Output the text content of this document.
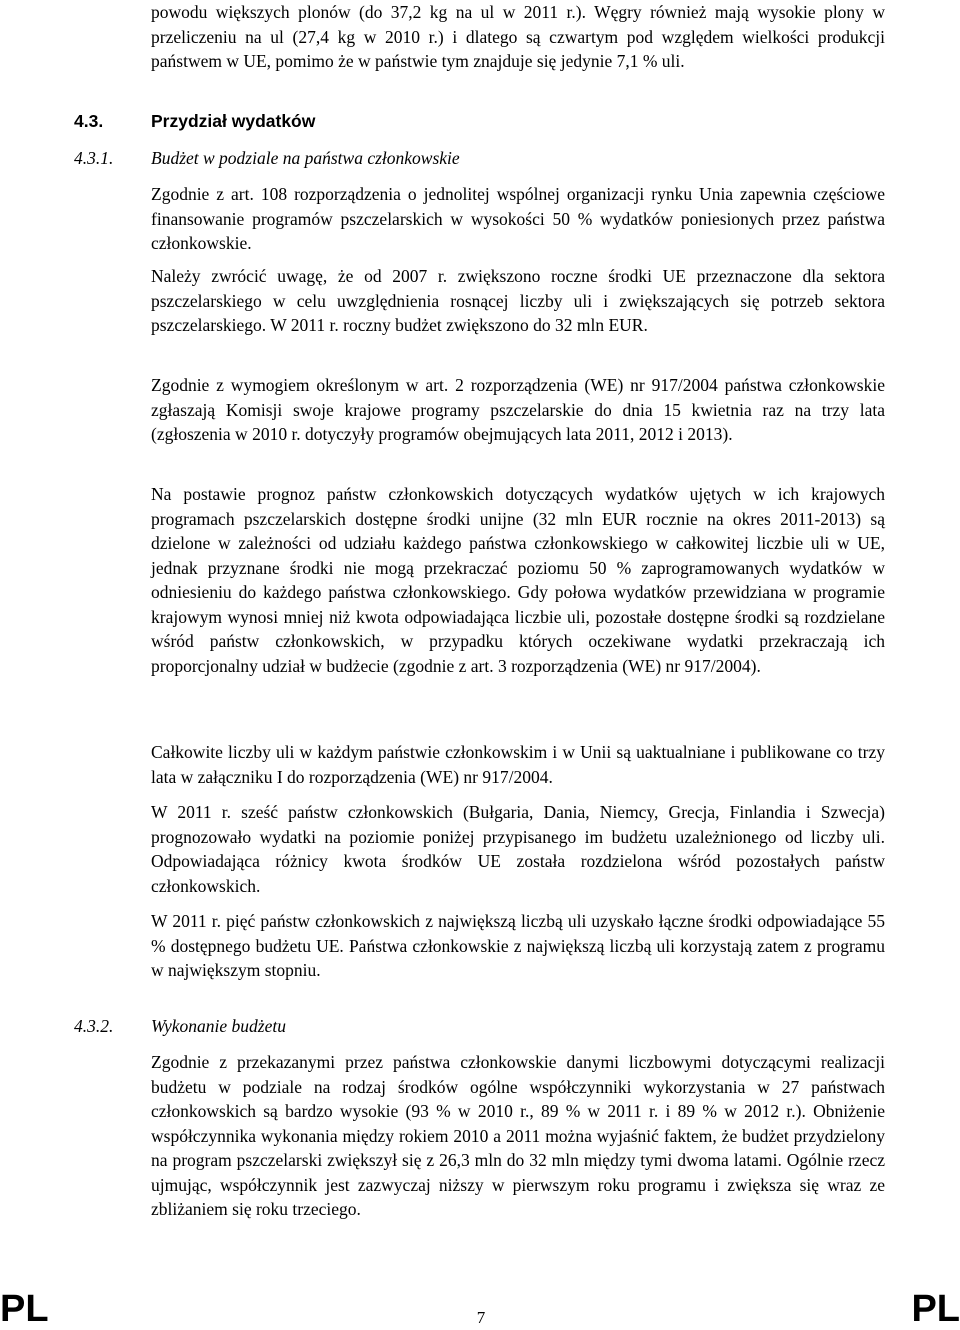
powodu większych plonów (do 37,2 kg na ul w 2011 r.). Węgry również mają wysokie plony w przeliczeniu na ul (27,4 kg w 2010 r.) i dlatego są czwartym pod względem wielkości produkcji państwem w UE, pomimo że w państwie tym znajduje się jedynie 7,1 % uli.

4.3.	Przydział wydatków

4.3.1. Budżet w podziale na państwa członkowskie

Zgodnie z art. 108 rozporządzenia o jednolitej wspólnej organizacji rynku Unia zapewnia częściowe finansowanie programów pszczelarskich w wysokości 50 % wydatków poniesionych przez państwa członkowskie.

Należy zwrócić uwagę, że od 2007 r. zwiększono roczne środki UE przeznaczone dla sektora pszczelarskiego w celu uwzględnienia rosnącej liczby uli i zwiększających się potrzeb sektora pszczelarskiego. W 2011 r. roczny budżet zwiększono do 32 mln EUR.

Zgodnie z wymogiem określonym w art. 2 rozporządzenia (WE) nr 917/2004 państwa członkowskie zgłaszają Komisji swoje krajowe programy pszczelarskie do dnia 15 kwietnia raz na trzy lata (zgłoszenia w 2010 r. dotyczyły programów obejmujących lata 2011, 2012 i 2013).

Na postawie prognoz państw członkowskich dotyczących wydatków ujętych w ich krajowych programach pszczelarskich dostępne środki unijne (32 mln EUR rocznie na okres 2011-2013) są dzielone w zależności od udziału każdego państwa członkowskiego w całkowitej liczbie uli w UE, jednak przyznane środki nie mogą przekraczać poziomu 50 % zaprogramowanych wydatków w odniesieniu do każdego państwa członkowskiego. Gdy połowa wydatków przewidziana w programie krajowym wynosi mniej niż kwota odpowiadająca liczbie uli, pozostałe dostępne środki są rozdzielane wśród państw członkowskich, w przypadku których oczekiwane wydatki przekraczają ich proporcjonalny udział w budżecie (zgodnie z art. 3 rozporządzenia (WE) nr 917/2004).

Całkowite liczby uli w każdym państwie członkowskim i w Unii są uaktualniane i publikowane co trzy lata w załączniku I do rozporządzenia (WE) nr 917/2004.

W 2011 r. sześć państw członkowskich (Bułgaria, Dania, Niemcy, Grecja, Finlandia i Szwecja) prognozowało wydatki na poziomie poniżej przypisanego im budżetu uzależnionego od liczby uli. Odpowiadająca różnicy kwota środków UE została rozdzielona wśród pozostałych państw członkowskich.

W 2011 r. pięć państw członkowskich z największą liczbą uli uzyskało łączne środki odpowiadające 55 % dostępnego budżetu UE. Państwa członkowskie z największą liczbą uli korzystają zatem z programu w największym stopniu.

4.3.2. Wykonanie budżetu

Zgodnie z przekazanymi przez państwa członkowskie danymi liczbowymi dotyczącymi realizacji budżetu w podziale na rodzaj środków ogólne współczynniki wykorzystania w 27 państwach członkowskich są bardzo wysokie (93 % w 2010 r., 89 % w 2011 r. i 89 % w 2012 r.). Obniżenie współczynnika wykonania między rokiem 2010 a 2011 można wyjaśnić faktem, że budżet przydzielony na program pszczelarski zwiększył się z 26,3 mln do 32 mln między tymi dwoma latami. Ogólnie rzecz ujmując, współczynnik jest zazwyczaj niższy w pierwszym roku programu i zwiększa się wraz ze zbliżaniem się roku trzeciego.

PL	7	PL
